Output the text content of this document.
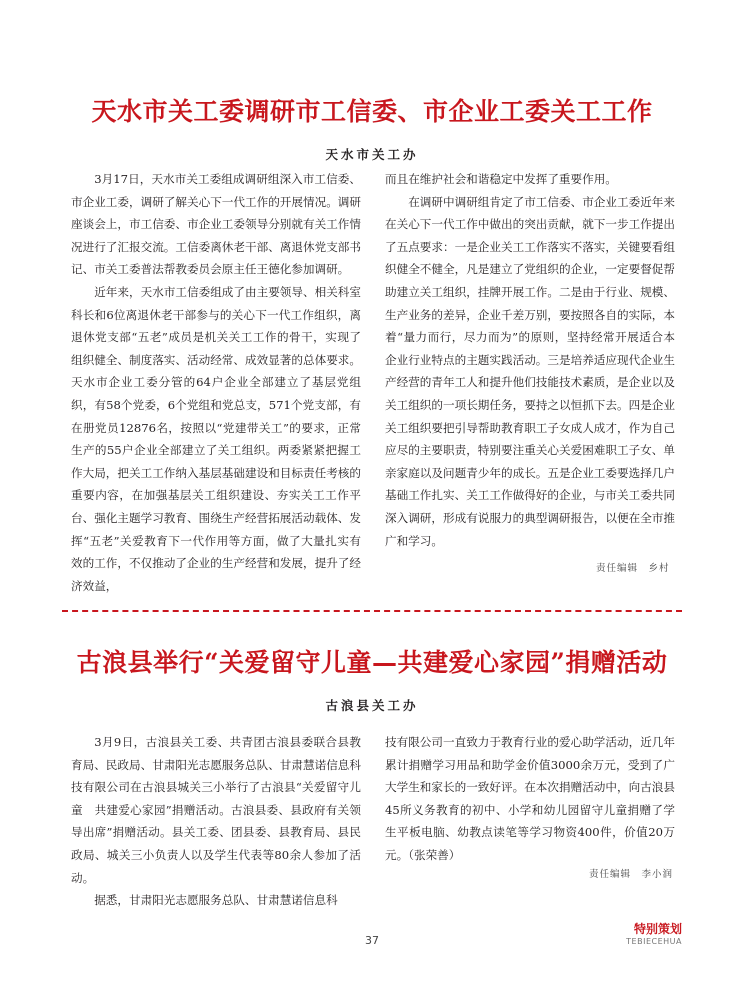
天水市关工委调研市工信委、市企业工委关工工作
天水市关工办

3月17日，天水市关工委组成调研组深入市工信委、市企业工委，调研了解关心下一代工作的开展情况。调研座谈会上，市工信委、市企业工委领导分别就有关工作情况进行了汇报交流。工信委离休老干部、离退休党支部书记、市关工委普法帮教委员会原主任王德化参加调研。

近年来，天水市工信委组成了由主要领导、相关科室科长和6位离退休老干部参与的关心下一代工作组织，离退休党支部“五老”成员是机关关工工作的骨干，实现了组织健全、制度落实、活动经常、成效显著的总体要求。天水市企业工委分管的64户企业全部建立了基层党组织，有58个党委，6个党组和党总支，571个党支部，有在册党员12876名，按照以“党建带关工”的要求，正常生产的55户企业全部建立了关工组织。两委紧紧把握工作大局，把关工工作纳入基层基础建设和目标责任考核的重要内容，在加强基层关工组织建设、夯实关工工作平台、强化主题学习教育、围绕生产经营拓展活动载体、发挥“五老”关爱教育下一代作用等方面，做了大量扎实有效的工作，不仅推动了企业的生产经营和发展，提升了经济效益，

而且在维护社会和谐稳定中发挥了重要作用。

在调研中调研组肯定了市工信委、市企业工委近年来在关心下一代工作中做出的突出贡献，就下一步工作提出了五点要求：一是企业关工工作落实不落实，关键要看组织健全不健全，凡是建立了党组织的企业，一定要督促帮助建立关工组织，挂牌开展工作。二是由于行业、规模、生产业务的差异，企业千差万别，要按照各自的实际，本着“量力而行，尽力而为”的原则，坚持经常开展适合本企业行业特点的主题实践活动。三是培养适应现代企业生产经营的青年工人和提升他们技能技术素质，是企业以及关工组织的一项长期任务，要持之以恒抓下去。四是企业关工组织要把引导帮助教育职工子女成人成才，作为自己应尽的主要职责，特别要注重关心关爱困难职工子女、单亲家庭以及问题青少年的成长。五是企业工委要选择几户基础工作扎实、关工工作做得好的企业，与市关工委共同深入调研，形成有说服力的典型调研报告，以便在全市推广和学习。

责任编辑　乡村
古浪县举行“关爱留守儿童—共建爱心家园”捐赠活动
古浪县关工办

3月9日，古浪县关工委、共青团古浪县委联合县教育局、民政局、甘肃阳光志愿服务总队、甘肃慧诺信息科技有限公司在古浪县城关三小举行了古浪县“关爱留守儿童　共建爱心家园”捐赠活动。古浪县委、县政府有关领导出席”捐赠活动。县关工委、团县委、县教育局、县民政局、城关三小负责人以及学生代表等80余人参加了活动。

据悉，甘肃阳光志愿服务总队、甘肃慧诺信息科

技有限公司一直致力于教育行业的爱心助学活动，近几年累计捐赠学习用品和助学金价值3000余万元，受到了广大学生和家长的一致好评。在本次捐赠活动中，向古浪县45所义务教育的初中、小学和幼儿园留守儿童捐赠了学生平板电脑、幼教点读笔等学习物资400件，价值20万元。（张荣善）

责任编辑　李小润
37
特别策划
TEBIECEHUA
